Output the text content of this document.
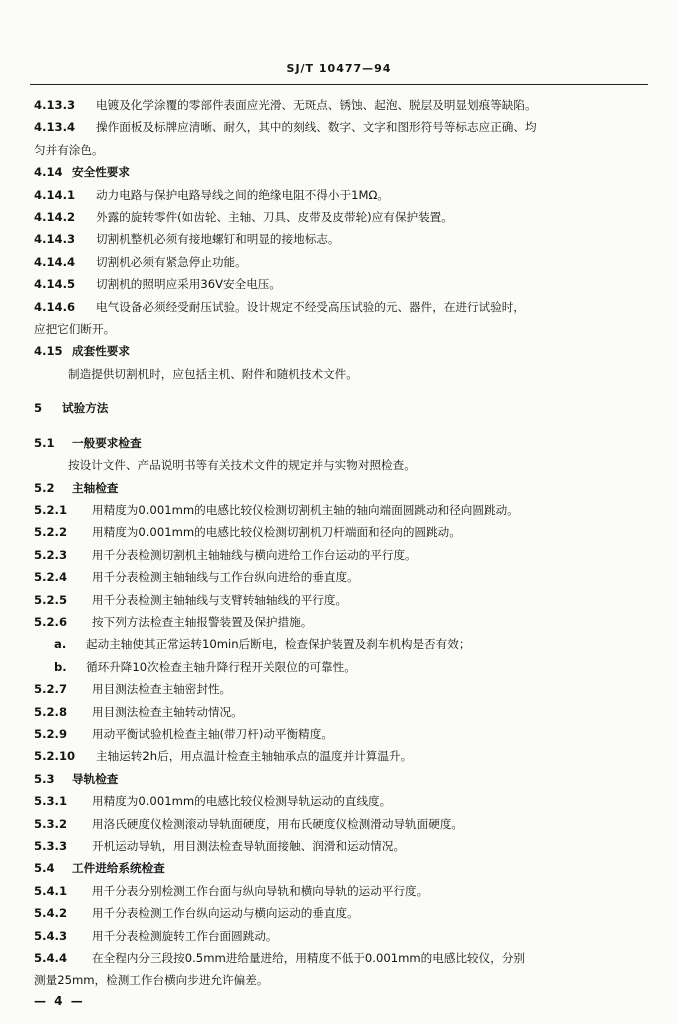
SJ/T 10477—94
4.13.3 电镀及化学涂覆的零部件表面应光滑、无斑点、锈蚀、起泡、脱层及明显划痕等缺陷。
4.13.4 操作面板及标牌应清晰、耐久，其中的刻线、数字、文字和图形符号等标志应正确、均
匀并有涂色。
4.14 安全性要求
4.14.1 动力电路与保护电路导线之间的绝缘电阻不得小于1MΩ。
4.14.2 外露的旋转零件(如齿轮、主轴、刀具、皮带及皮带轮)应有保护装置。
4.14.3 切割机整机必须有接地螺钉和明显的接地标志。
4.14.4 切割机必须有紧急停止功能。
4.14.5 切割机的照明应采用36V安全电压。
4.14.6 电气设备必须经受耐压试验。设计规定不经受高压试验的元、器件，在进行试验时，
应把它们断开。
4.15 成套性要求
制造提供切割机时，应包括主机、附件和随机技术文件。
5 试验方法
5.1 一般要求检查
按设计文件、产品说明书等有关技术文件的规定并与实物对照检查。
5.2 主轴检查
5.2.1 用精度为0.001mm的电感比较仪检测切割机主轴的轴向端面圆跳动和径向圆跳动。
5.2.2 用精度为0.001mm的电感比较仪检测切割机刀杆端面和径向的圆跳动。
5.2.3 用千分表检测切割机主轴轴线与横向进给工作台运动的平行度。
5.2.4 用千分表检测主轴轴线与工作台纵向进给的垂直度。
5.2.5 用千分表检测主轴轴线与支臂转轴轴线的平行度。
5.2.6 按下列方法检查主轴报警装置及保护措施。
a. 起动主轴使其正常运转10min后断电，检查保护装置及刹车机构是否有效；
b. 循环升降10次检查主轴升降行程开关限位的可靠性。
5.2.7 用目测法检查主轴密封性。
5.2.8 用目测法检查主轴转动情况。
5.2.9 用动平衡试验机检查主轴(带刀杆)动平衡精度。
5.2.10 主轴运转2h后，用点温计检查主轴轴承点的温度并计算温升。
5.3 导轨检查
5.3.1 用精度为0.001mm的电感比较仪检测导轨运动的直线度。
5.3.2 用洛氏硬度仪检测滚动导轨面硬度，用布氏硬度仪检测滑动导轨面硬度。
5.3.3 开机运动导轨，用目测法检查导轨面接触、润滑和运动情况。
5.4 工件进给系统检查
5.4.1 用千分表分别检测工作台面与纵向导轨和横向导轨的运动平行度。
5.4.2 用千分表检测工作台纵向运动与横向运动的垂直度。
5.4.3 用千分表检测旋转工作台面圆跳动。
5.4.4 在全程内分三段按0.5mm进给量进给，用精度不低于0.001mm的电感比较仪，分别
测量25mm，检测工作台横向步进允许偏差。
— 4 —
